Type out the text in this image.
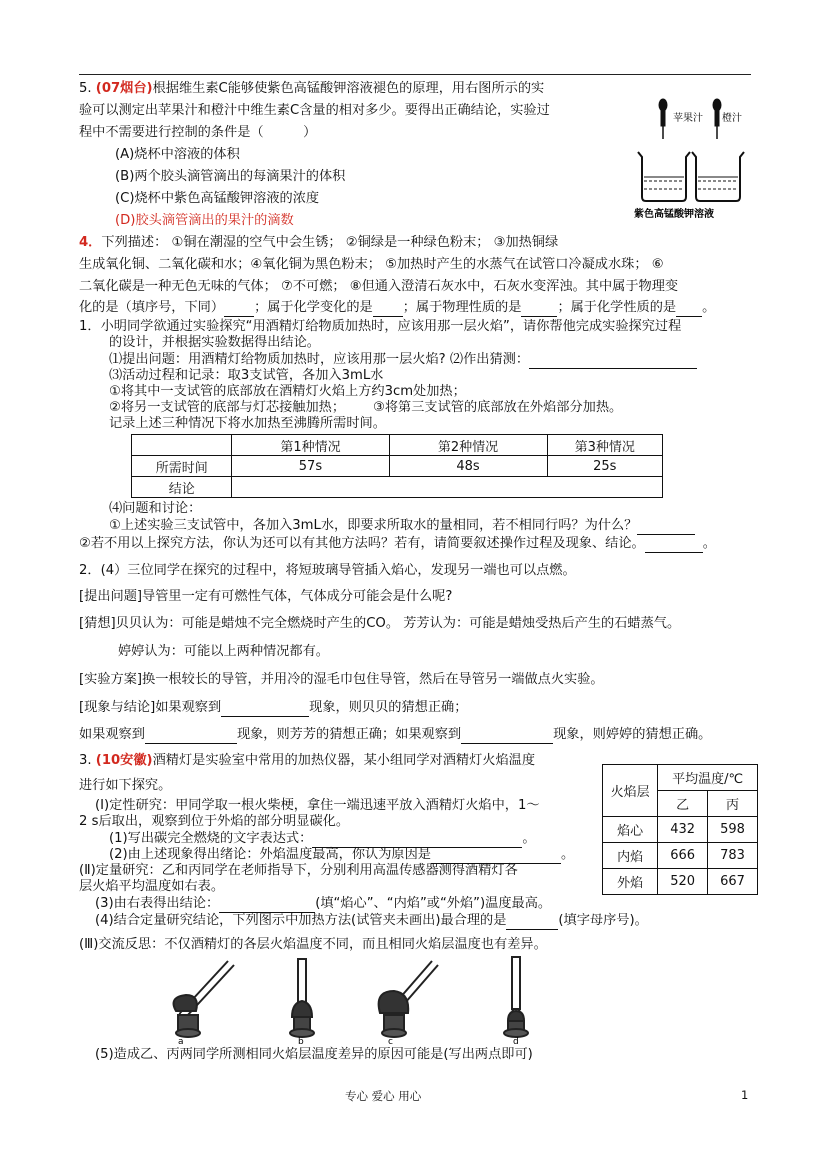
5. (07烟台)根据维生素C能够使紫色高锰酸钾溶液褪色的原理，用右图所示的实
验可以测定出苹果汁和橙汁中维生素C含量的相对多少。要得出正确结论，实验过
程中不需要进行控制的条件是（　　　）
(A)烧杯中溶液的体积
(B)两个胶头滴管滴出的每滴果汁的体积
(C)烧杯中紫色高锰酸钾溶液的浓度
(D)胶头滴管滴出的果汁的滴数
苹果汁 橙汁
紫色高锰酸钾溶液
4．下列描述： ①铜在潮湿的空气中会生锈； ②铜绿是一种绿色粉末； ③加热铜绿
生成氧化铜、二氧化碳和水；④氧化铜为黑色粉末； ⑤加热时产生的水蒸气在试管口冷凝成水珠； ⑥
二氧化碳是一种无色无味的气体； ⑦不可燃； ⑧但通入澄清石灰水中，石灰水变浑浊。其中属于物理变
化的是（填序号，下同） ；属于化学变化的是 ；属于物理性质的是	；属于化学性质的是 。
1．小明同学欲通过实验探究“用酒精灯给物质加热时，应该用那一层火焰”，请你帮他完成实验探究过程
的设计，并根据实验数据得出结论。
⑴提出问题：用酒精灯给物质加热时，应该用那一层火焰? ⑵作出猜测：
⑶活动过程和记录：取3支试管，各加入3mL水
①将其中一支试管的底部放在酒精灯火焰上方约3cm处加热；
②将另一支试管的底部与灯芯接触加热； ③将第三支试管的底部放在外焰部分加热。
记录上述三种情况下将水加热至沸腾所需时间。
	第1种情况	第2种情况	第3种情况
所需时间	57s	48s	25s
结论			
⑷问题和讨论：
①上述实验三支试管中，各加入3mL水，即要求所取水的量相同，若不相同行吗？为什么？
②若不用以上探究方法，你认为还可以有其他方法吗？若有，请简要叙述操作过程及现象、结论。	。
2．(4）三位同学在探究的过程中，将短玻璃导管插入焰心，发现另一端也可以点燃。
[提出问题]导管里一定有可燃性气体，气体成分可能会是什么呢?
[猜想]贝贝认为：可能是蜡烛不完全燃烧时产生的CO。 芳芳认为：可能是蜡烛受热后产生的石蜡蒸气。
婷婷认为：可能以上两种情况都有。
[实验方案]换一根较长的导管，并用冷的湿毛巾包住导管，然后在导管另一端做点火实验。
[现象与结论]如果观察到	现象，则贝贝的猜想正确；
如果观察到	现象，则芳芳的猜想正确；如果观察到	现象，则婷婷的猜想正确。
3. (10安徽)酒精灯是实验室中常用的加热仪器，某小组同学对酒精灯火焰温度
进行如下探究。
(Ⅰ)定性研究：甲同学取一根火柴梗，拿住一端迅速平放入酒精灯火焰中，1～
2 s后取出，观察到位于外焰的部分明显碳化。
(1)写出碳完全燃烧的文字表达式：	。
(2)由上述现象得出绪论：外焰温度最高，你认为原因是	。
(Ⅱ)定量研究：乙和丙同学在老师指导下，分别利用高温传感器测得酒精灯各
层火焰平均温度如右表。
(3)由右表得出结论：	(填“焰心”、“内焰”或“外焰”)温度最高。
(4)结合定量研究结论，下列图示中加热方法(试管夹未画出)最合理的是	(填字母序号)。
(Ⅲ)交流反思：不仅酒精灯的各层火焰温度不同，而且相同火焰层温度也有差异。
火焰层	平均温度/℃	
	乙	丙
焰心	432	598
内焰	666	783
外焰	520	667
a	b	c	d
(5)造成乙、丙两同学所测相同火焰层温度差异的原因可能是(写出两点即可)
专心 爱心 用心	1
